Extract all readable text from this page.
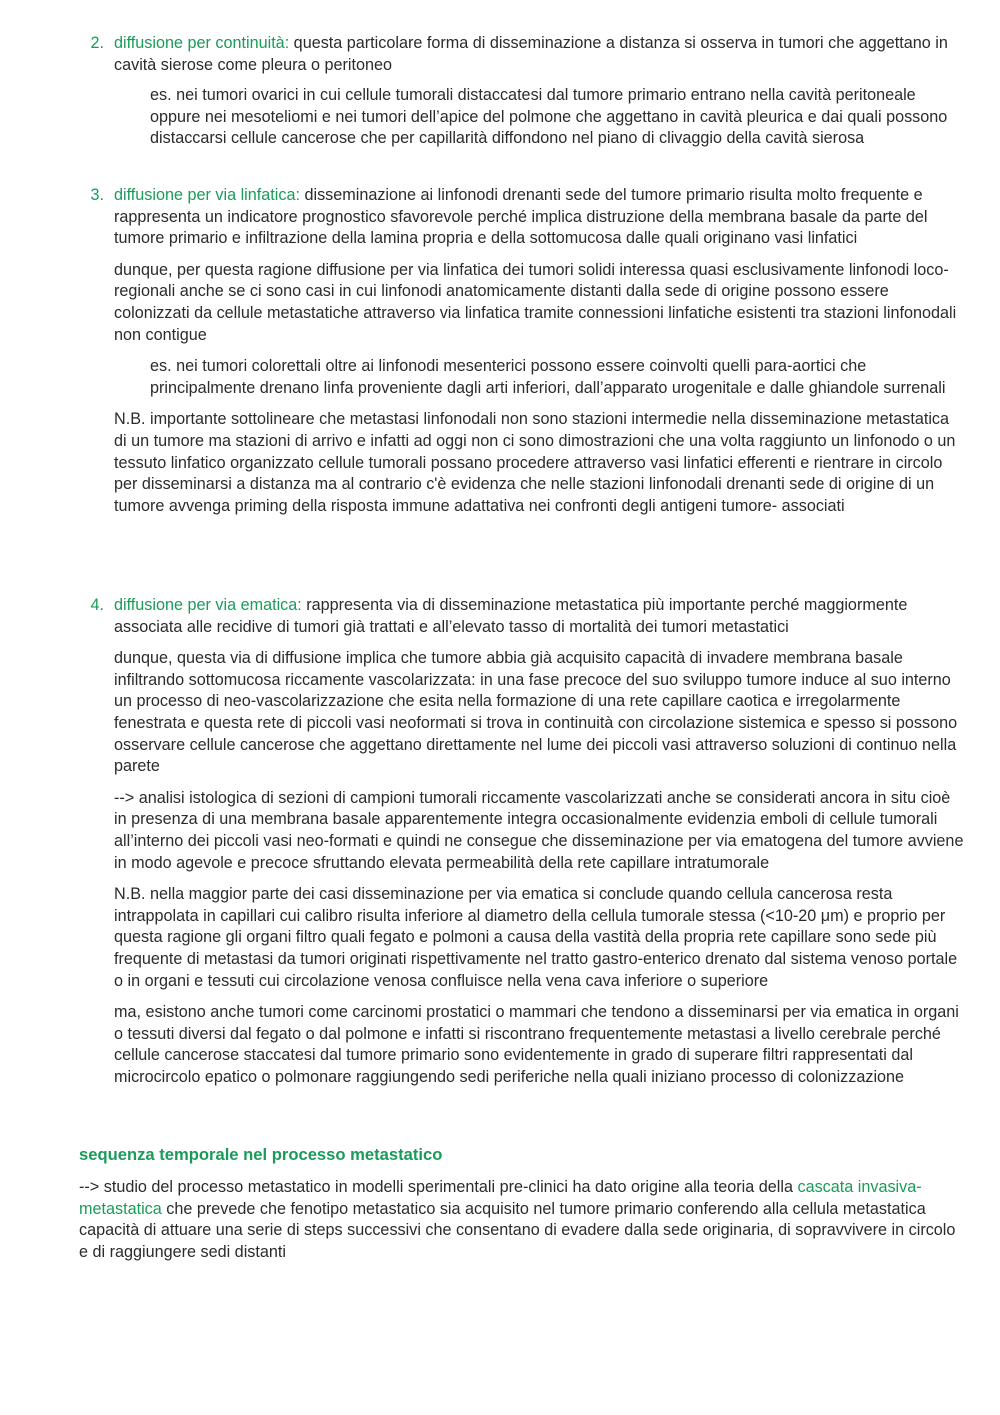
2. diffusione per continuità: questa particolare forma di disseminazione a distanza si osserva in tumori che aggettano in cavità sierose come pleura o peritoneo
es. nei tumori ovarici in cui cellule tumorali distaccatesi dal tumore primario entrano nella cavità peritoneale oppure nei mesoteliomi e nei tumori dell’apice del polmone che aggettano in cavità pleurica e dai quali possono distaccarsi cellule cancerose che per capillarità diffondono nel piano di clivaggio della cavità sierosa
3. diffusione per via linfatica: disseminazione ai linfonodi drenanti sede del tumore primario risulta molto frequente e rappresenta un indicatore prognostico sfavorevole perché implica distruzione della membrana basale da parte del tumore primario e infiltrazione della lamina propria e della sottomucosa dalle quali originano vasi linfatici
dunque, per questa ragione diffusione per via linfatica dei tumori solidi interessa quasi esclusivamente linfonodi loco-regionali anche se ci sono casi in cui linfonodi anatomicamente distanti dalla sede di origine possono essere colonizzati da cellule metastatiche attraverso via linfatica tramite connessioni linfatiche esistenti tra stazioni linfonodali non contigue
es. nei tumori colorettali oltre ai linfonodi mesenterici possono essere coinvolti quelli para-aortici che principalmente drenano linfa proveniente dagli arti inferiori, dall’apparato urogenitale e dalle ghiandole surrenali
N.B. importante sottolineare che metastasi linfonodali non sono stazioni intermedie nella disseminazione metastatica di un tumore ma stazioni di arrivo e infatti ad oggi non ci sono dimostrazioni che una volta raggiunto un linfonodo o un tessuto linfatico organizzato cellule tumorali possano procedere attraverso vasi linfatici efferenti e rientrare in circolo per disseminarsi a distanza ma al contrario c'è evidenza che nelle stazioni linfonodali drenanti sede di origine di un tumore avvenga priming della risposta immune adattativa nei confronti degli antigeni tumore- associati
4. diffusione per via ematica: rappresenta via di disseminazione metastatica più importante perché maggiormente associata alle recidive di tumori già trattati e all’elevato tasso di mortalità dei tumori metastatici
dunque, questa via di diffusione implica che tumore abbia già acquisito capacità di invadere membrana basale infiltrando sottomucosa riccamente vascolarizzata: in una fase precoce del suo sviluppo tumore induce al suo interno un processo di neo-vascolarizzazione che esita nella formazione di una rete capillare caotica e irregolarmente fenestrata e questa rete di piccoli vasi neoformati si trova in continuità con circolazione sistemica e spesso si possono osservare cellule cancerose che aggettano direttamente nel lume dei piccoli vasi attraverso soluzioni di continuo nella parete
--> analisi istologica di sezioni di campioni tumorali riccamente vascolarizzati anche se considerati ancora in situ cioè in presenza di una membrana basale apparentemente integra occasionalmente evidenzia emboli di cellule tumorali all’interno dei piccoli vasi neo-formati e quindi ne consegue che disseminazione per via ematogena del tumore avviene in modo agevole e precoce sfruttando elevata permeabilità della rete capillare intratumorale
N.B. nella maggior parte dei casi disseminazione per via ematica si conclude quando cellula cancerosa resta intrappolata in capillari cui calibro risulta inferiore al diametro della cellula tumorale stessa (<10-20 μm) e proprio per questa ragione gli organi filtro quali fegato e polmoni a causa della vastità della propria rete capillare sono sede più frequente di metastasi da tumori originati rispettivamente nel tratto gastro-enterico drenato dal sistema venoso portale o in organi e tessuti cui circolazione venosa confluisce nella vena cava inferiore o superiore
ma, esistono anche tumori come carcinomi prostatici o mammari che tendono a disseminarsi per via ematica in organi o tessuti diversi dal fegato o dal polmone e infatti si riscontrano frequentemente metastasi a livello cerebrale perché cellule cancerose staccatesi dal tumore primario sono evidentemente in grado di superare filtri rappresentati dal microcircolo epatico o polmonare raggiungendo sedi periferiche nella quali iniziano processo di colonizzazione
sequenza temporale nel processo metastatico
--> studio del processo metastatico in modelli sperimentali pre-clinici ha dato origine alla teoria della cascata invasiva-metastatica che prevede che fenotipo metastatico sia acquisito nel tumore primario conferendo alla cellula metastatica capacità di attuare una serie di steps successivi che consentano di evadere dalla sede originaria, di sopravvivere in circolo e di raggiungere sedi distanti
